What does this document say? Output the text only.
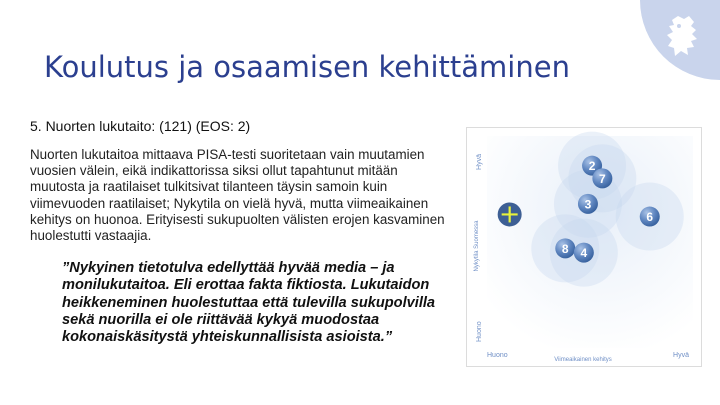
Koulutus ja osaamisen kehittäminen
5. Nuorten lukutaito: (121) (EOS: 2)

Nuorten lukutaitoa mittaava PISA-testi suoritetaan vain muutamien vuosien välein, eikä indikattorissa siksi ollut tapahtunut mitään muutosta ja raatilaiset tulkitsivat tilanteen täysin samoin kuin viimevuoden raatilaiset; Nykytila on vielä hyvä, mutta viimeaikainen kehitys on huonoa. Erityisesti sukupuolten välisten erojen kasvaminen huolestutti vastaajia.

”Nykyinen tietotulva edellyttää hyvää media – ja monilukutaitoa. Eli erottaa fakta fiktiosta. Lukutaidon heikkeneminen huolestuttaa että tulevilla sukupolvilla sekä nuorilla ei ole riittävää kykyä muodostaa kokonaiskäsitystä yhteiskunnallisista asioista.”

2
7
3
6
8 4
Hyvä
Huono
Nykytila Suomessa
Huono	Hyvä
Viimeaikainen kehitys
